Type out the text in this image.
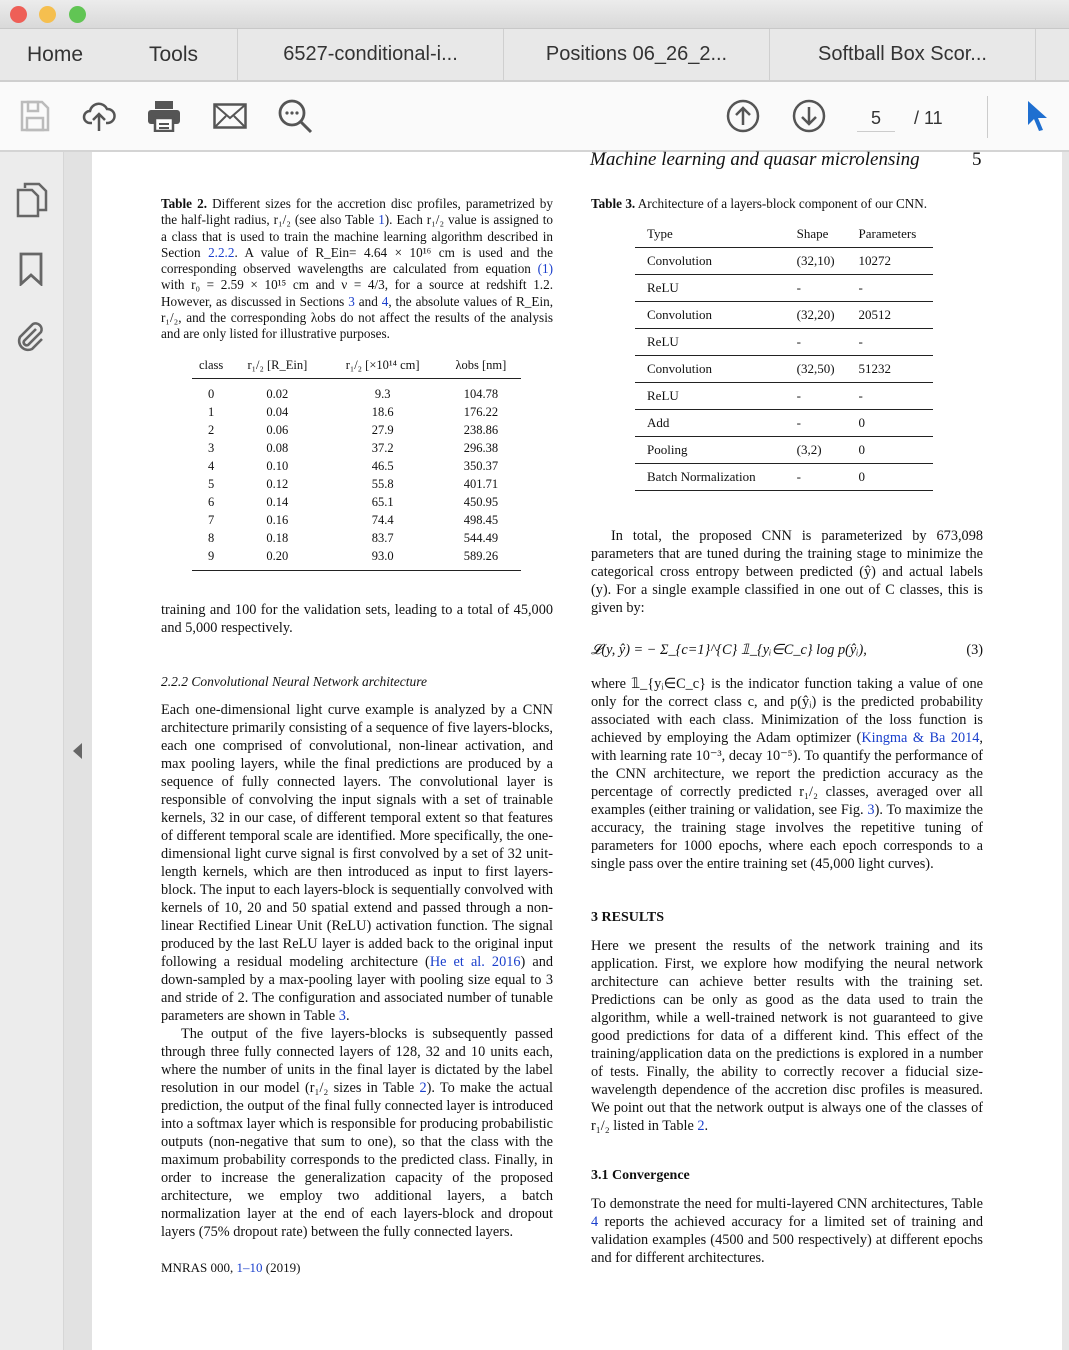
Home	Tools	6527-conditional-i...	Positions 06_26_2...	Softball Box Scor...
5	/ 11
Machine learning and quasar microlensing	5
Table 2. Different sizes for the accretion disc profiles, parametrized by the half-light radius, r₁/₂ (see also Table 1). Each r₁/₂ value is assigned to a class that is used to train the machine learning algorithm described in Section 2.2.2. A value of R_Ein= 4.64 × 10¹⁶ cm is used and the corresponding observed wavelengths are calculated from equation (1) with r₀ = 2.59 × 10¹⁵ cm and ν = 4/3, for a source at redshift 1.2. However, as discussed in Sections 3 and 4, the absolute values of R_Ein, r₁/₂, and the corresponding λobs do not affect the results of the analysis and are only listed for illustrative purposes.
class	r₁/₂ [R_Ein]	r₁/₂ [×10¹⁴ cm]	λobs [nm]
0	0.02	9.3	104.78
1	0.04	18.6	176.22
2	0.06	27.9	238.86
3	0.08	37.2	296.38
4	0.10	46.5	350.37
5	0.12	55.8	401.71
6	0.14	65.1	450.95
7	0.16	74.4	498.45
8	0.18	83.7	544.49
9	0.20	93.0	589.26

training and 100 for the validation sets, leading to a total of 45,000 and 5,000 respectively.

2.2.2 Convolutional Neural Network architecture

Each one-dimensional light curve example is analyzed by a CNN architecture primarily consisting of a sequence of five layers-blocks, each one comprised of convolutional, non-linear activation, and max pooling layers, while the final predictions are produced by a sequence of fully connected layers. The convolutional layer is responsible of convolving the input signals with a set of trainable kernels, 32 in our case, of different temporal extent so that features of different temporal scale are identified. More specifically, the one-dimensional light curve signal is first convolved by a set of 32 unit-length kernels, which are then introduced as input to first layers-block. The input to each layers-block is sequentially convolved with kernels of 10, 20 and 50 spatial extend and passed through a non-linear Rectified Linear Unit (ReLU) activation function. The signal produced by the last ReLU layer is added back to the original input following a residual modeling architecture (He et al. 2016) and down-sampled by a max-pooling layer with pooling size equal to 3 and stride of 2. The configuration and associated number of tunable parameters are shown in Table 3.

The output of the five layers-blocks is subsequently passed through three fully connected layers of 128, 32 and 10 units each, where the number of units in the final layer is dictated by the label resolution in our model (r₁/₂ sizes in Table 2). To make the actual prediction, the output of the final fully connected layer is introduced into a softmax layer which is responsible for producing probabilistic outputs (non-negative that sum to one), so that the class with the maximum probability corresponds to the predicted class. Finally, in order to increase the generalization capacity of the proposed architecture, we employ two additional layers, a batch normalization layer at the end of each layers-block and dropout layers (75% dropout rate) between the fully connected layers.

MNRAS 000, 1–10 (2019)
Table 3. Architecture of a layers-block component of our CNN.
Type	Shape	Parameters
Convolution	(32,10)	10272
ReLU	-	-
Convolution	(32,20)	20512
ReLU	-	-
Convolution	(32,50)	51232
ReLU	-	-
Add	-	0
Pooling	(3,2)	0
Batch Normalization	-	0

In total, the proposed CNN is parameterized by 673,098 parameters that are tuned during the training stage to minimize the categorical cross entropy between predicted (ŷ) and actual labels (y). For a single example classified in one out of C classes, this is given by:

𝓛(y, ŷ) = − Σ_{c=1}^{C} 𝟙_{yᵢ∈C_c} log p(ŷᵢ),	(3)

where 𝟙_{yᵢ∈C_c} is the indicator function taking a value of one only for the correct class c, and p(ŷᵢ) is the predicted probability associated with each class. Minimization of the loss function is achieved by employing the Adam optimizer (Kingma & Ba 2014, with learning rate 10⁻³, decay 10⁻⁵). To quantify the performance of the CNN architecture, we report the prediction accuracy as the percentage of correctly predicted r₁/₂ classes, averaged over all examples (either training or validation, see Fig. 3). To maximize the accuracy, the training stage involves the repetitive tuning of parameters for 1000 epochs, where each epoch corresponds to a single pass over the entire training set (45,000 light curves).

3 RESULTS

Here we present the results of the network training and its application. First, we explore how modifying the neural network architecture can achieve better results with the training set. Predictions can be only as good as the data used to train the algorithm, while a well-trained network is not guaranteed to give good predictions for data of a different kind. This effect of the training/application data on the predictions is explored in a number of tests. Finally, the ability to correctly recover a fiducial size-wavelength dependence of the accretion disc profiles is measured. We point out that the network output is always one of the classes of r₁/₂ listed in Table 2.

3.1 Convergence

To demonstrate the need for multi-layered CNN architectures, Table 4 reports the achieved accuracy for a limited set of training and validation examples (4500 and 500 respectively) at different epochs and for different architectures.
